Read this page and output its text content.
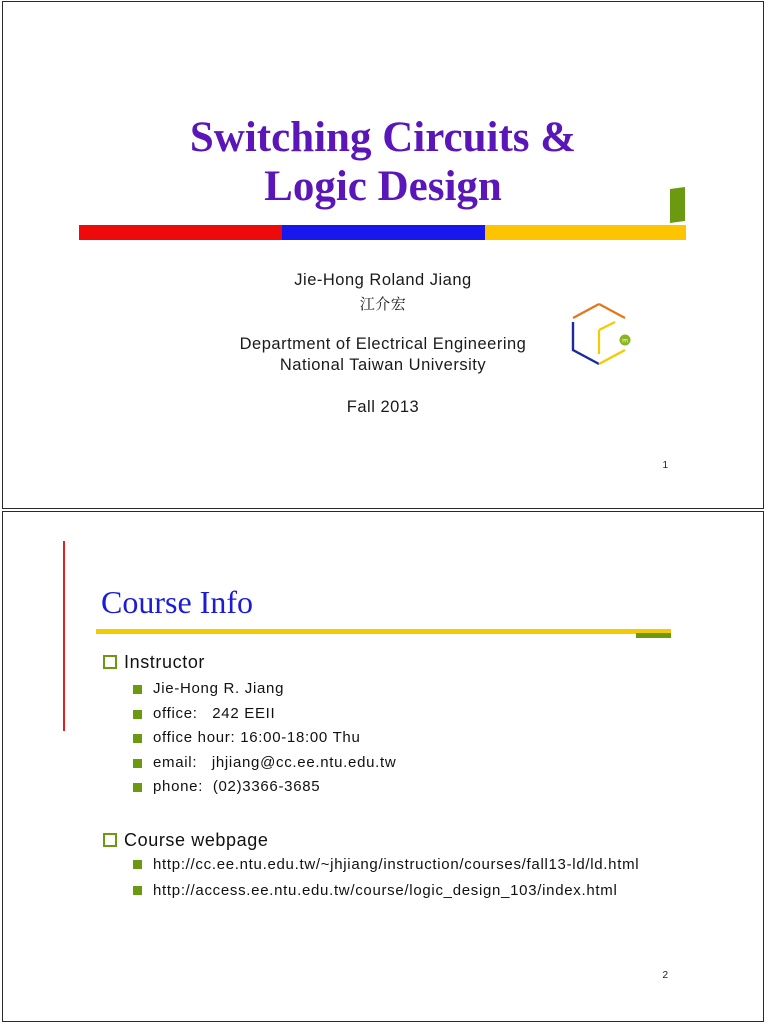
Switching Circuits &
Logic Design

Jie-Hong Roland Jiang

江介宏

Department of Electrical Engineering

National Taiwan University

Fall 2013

m
1
Course Info
Instructor
Jie-Hong R. Jiang
office:   242 EEII
office hour: 16:00-18:00 Thu
email:   jhjiang@cc.ee.ntu.edu.tw
phone:  (02)3366-3685
Course webpage
http://cc.ee.ntu.edu.tw/~jhjiang/instruction/courses/fall13-ld/ld.html
http://access.ee.ntu.edu.tw/course/logic_design_103/index.html
2
